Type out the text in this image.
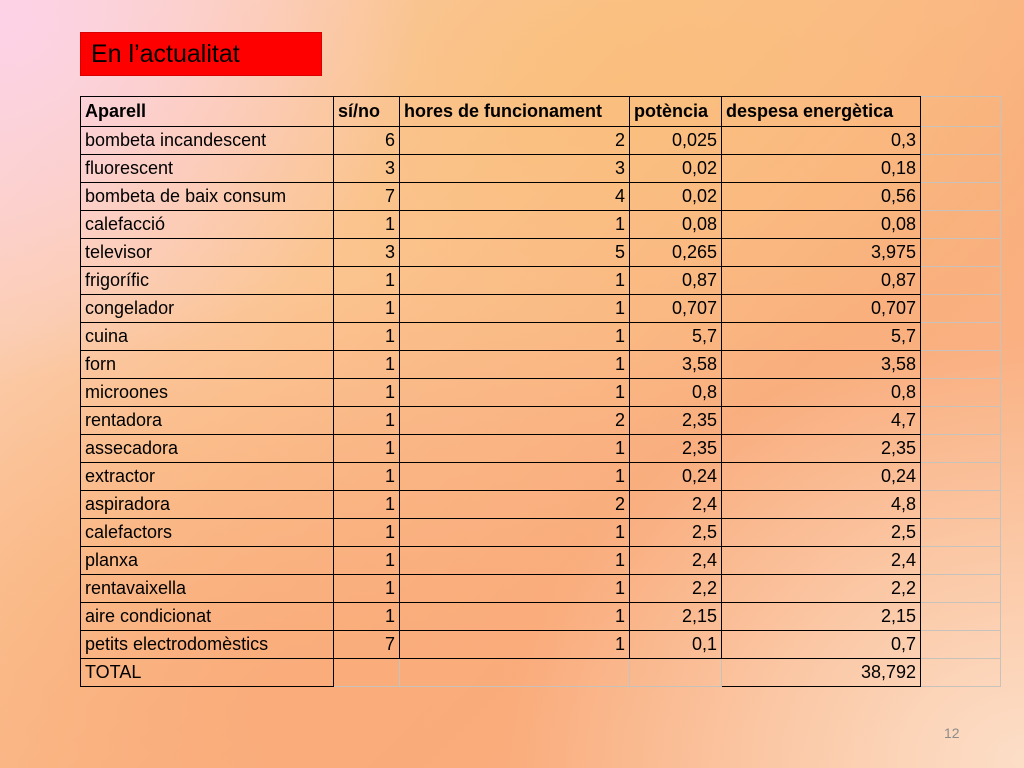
En l’actualitat
Aparell	sí/no	hores de funcionament	potència	despesa energètica	
bombeta incandescent	6	2	0,025	0,3	
fluorescent	3	3	0,02	0,18	
bombeta de baix consum	7	4	0,02	0,56	
calefacció	1	1	0,08	0,08	
televisor	3	5	0,265	3,975	
frigorífic	1	1	0,87	0,87	
congelador	1	1	0,707	0,707	
cuina	1	1	5,7	5,7	
forn	1	1	3,58	3,58	
microones	1	1	0,8	0,8	
rentadora	1	2	2,35	4,7	
assecadora	1	1	2,35	2,35	
extractor	1	1	0,24	0,24	
aspiradora	1	2	2,4	4,8	
calefactors	1	1	2,5	2,5	
planxa	1	1	2,4	2,4	
rentavaixella	1	1	2,2	2,2	
aire condicionat	1	1	2,15	2,15	
petits electrodomèstics	7	1	0,1	0,7	
TOTAL				38,792	
12
